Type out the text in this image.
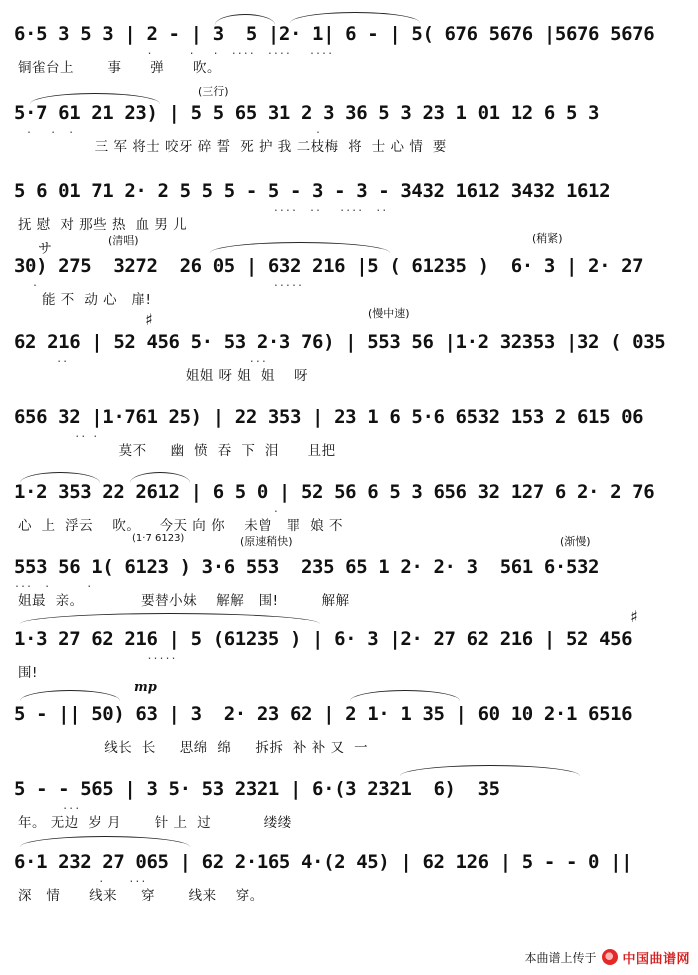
6·5 3 5 3 | 2 - | 3  5 |2· 1| 6 - | 5( 676 5676 |5676 5676
.      .   .  ....  ....   ....
铜雀台上       事      弹      吹。
(三行)
5·7 61 21 23) | 5 5 65 31 2 3 36 5 3 23 1 01 12 6 5 3
.   .  .                                        .
三 军 将士 咬牙 碎 誓  死 护 我 二枝梅  将  士 心 情  要
5 6 01 71 2· 2 5 5 5 - 5 - 3 - 3 - 3432 1612 3432 1612
....  ..   ....  ..
抚 慰  对 那些 热  血 男 儿
サ
(清唱)	(稍紧)
30) 275  3272  26 05 | 632 216 |5 ( 61235 )  6· 3 | 2· 27
.                                       .....
能 不  动 心   扉!
(慢中速)
♯
62 216 | 52 456 5· 53 2·3 76) | 553 56 |1·2 32353 |32 ( 035
..                              ...
姐姐 呀 姐  姐    呀
656 32 |1·761 25) | 22 353 | 23 1 6 5·6 6532 153 2 615 06
.. .
莫不     幽  愤  吞  下  泪      且把
1·2 353 22 2612 | 6 5 0 | 52 56 6 5 3 656 32 127 6 2· 2 76
.
心  上  浮云    吹。    今天 向 你    未曾   罪  娘 不
(1·7 6123)	(原速稍快)	(渐慢)
553 56 1( 6123 ) 3·6 553  235 65 1 2· 2· 3  561 6·532
...  .      .
姐最  亲。            要替小妹    解解   围!         解解
♯
1·3 27 62 216 | 5 (61235 ) | 6· 3 |2· 27 62 216 | 52 456
.....
围!
mp
5 - || 50) 63 | 3  2· 23 62 | 2 1· 1 35 | 60 10 2·1 6516
线长  长     思绵  绵     拆拆  补 补 又  一
5 - - 565 | 3 5· 53 2321 | 6·(3 2321  6)  35
...
年。 无边  岁 月       针 上  过           缕缕
6·1 232 27 065 | 62 2·165 4·(2 45) | 62 126 | 5 - - 0 ||
.    ...
深   情      线来     穿       线来    穿。
本曲谱上传于 中国曲谱网
